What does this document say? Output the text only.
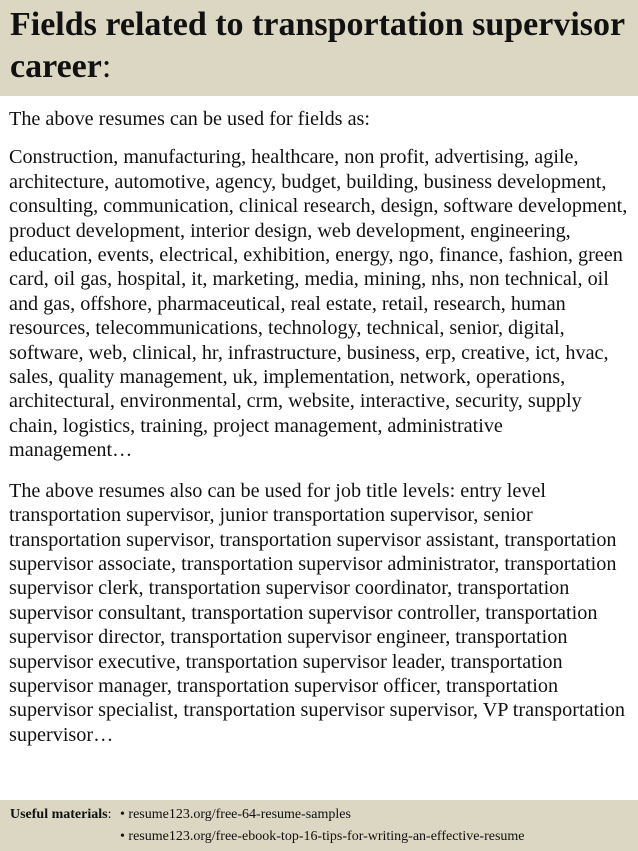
Fields related to transportation supervisor career:

The above resumes can be used for fields as:

Construction, manufacturing, healthcare, non profit, advertising, agile, architecture, automotive, agency, budget, building, business development, consulting, communication, clinical research, design, software development, product development, interior design, web development, engineering, education, events, electrical, exhibition, energy, ngo, finance, fashion, green card, oil gas, hospital, it, marketing, media, mining, nhs, non technical, oil and gas, offshore, pharmaceutical, real estate, retail, research, human resources, telecommunications, technology, technical, senior, digital, software, web, clinical, hr, infrastructure, business, erp, creative, ict, hvac, sales, quality management, uk, implementation, network, operations, architectural, environmental, crm, website, interactive, security, supply chain, logistics, training, project management, administrative management…

The above resumes also can be used for job title levels: entry level transportation supervisor, junior transportation supervisor, senior transportation supervisor, transportation supervisor assistant, transportation supervisor associate, transportation supervisor administrator, transportation supervisor clerk, transportation supervisor coordinator, transportation supervisor consultant, transportation supervisor controller, transportation supervisor director, transportation supervisor engineer, transportation supervisor executive, transportation supervisor leader, transportation supervisor manager, transportation supervisor officer, transportation supervisor specialist, transportation supervisor supervisor, VP transportation supervisor…

Useful materials: •
resume123.org/free-64-resume-samples
•
resume123.org/free-ebook-top-16-tips-for-writing-an-effective-resume
